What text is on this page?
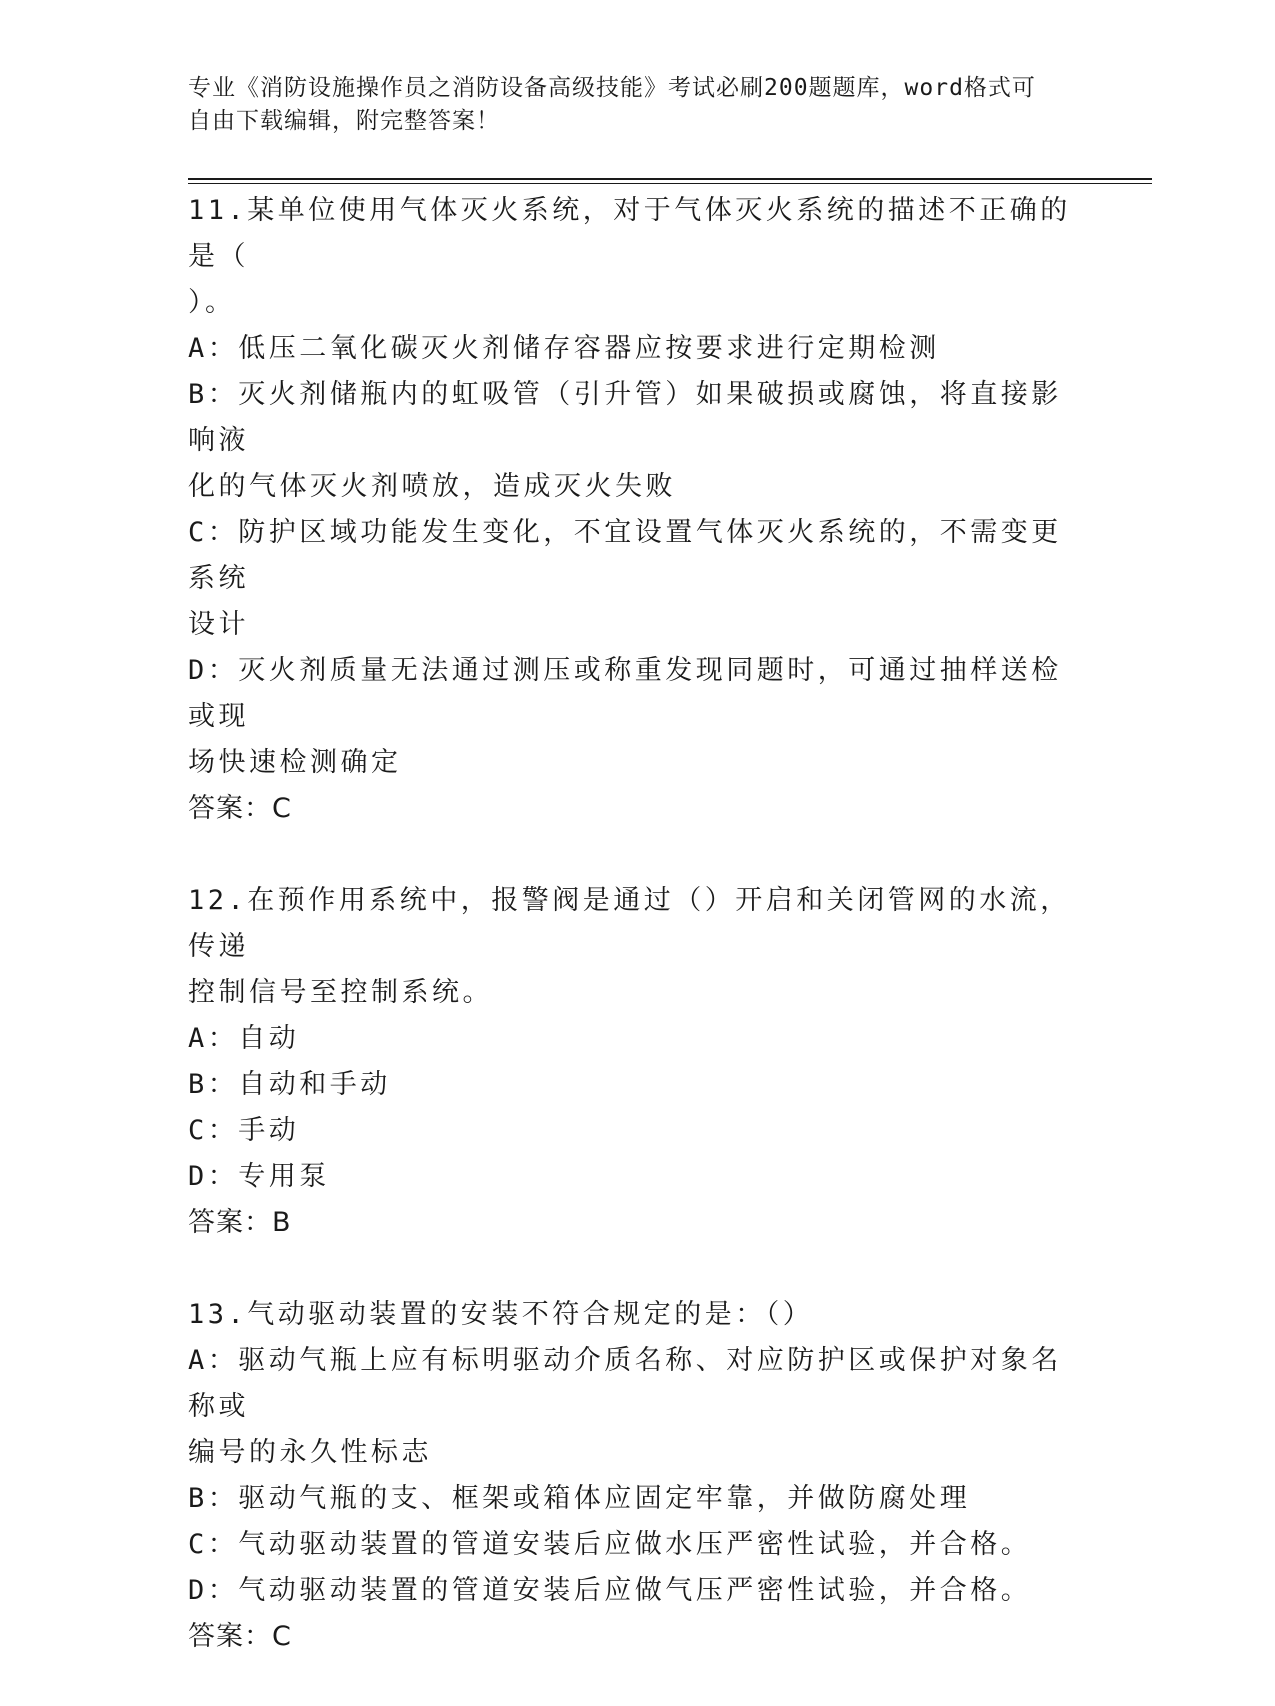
专业《消防设施操作员之消防设备高级技能》考试必刷200题题库，word格式可
自由下载编辑，附完整答案！
11.某单位使用气体灭火系统，对于气体灭火系统的描述不正确的是（
）。
A：低压二氧化碳灭火剂储存容器应按要求进行定期检测
B：灭火剂储瓶内的虹吸管（引升管）如果破损或腐蚀，将直接影响液
化的气体灭火剂喷放，造成灭火失败
C：防护区域功能发生变化，不宜设置气体灭火系统的，不需变更系统
设计
D：灭火剂质量无法通过测压或称重发现同题时，可通过抽样送检或现
场快速检测确定
答案：C
12.在预作用系统中，报警阀是通过（）开启和关闭管网的水流，传递
控制信号至控制系统。
A：自动
B：自动和手动
C：手动
D：专用泵
答案：B
13.气动驱动装置的安装不符合规定的是：（）
A：驱动气瓶上应有标明驱动介质名称、对应防护区或保护对象名称或
编号的永久性标志
B：驱动气瓶的支、框架或箱体应固定牢靠，并做防腐处理
C：气动驱动装置的管道安装后应做水压严密性试验，并合格。
D：气动驱动装置的管道安装后应做气压严密性试验，并合格。
答案：C
